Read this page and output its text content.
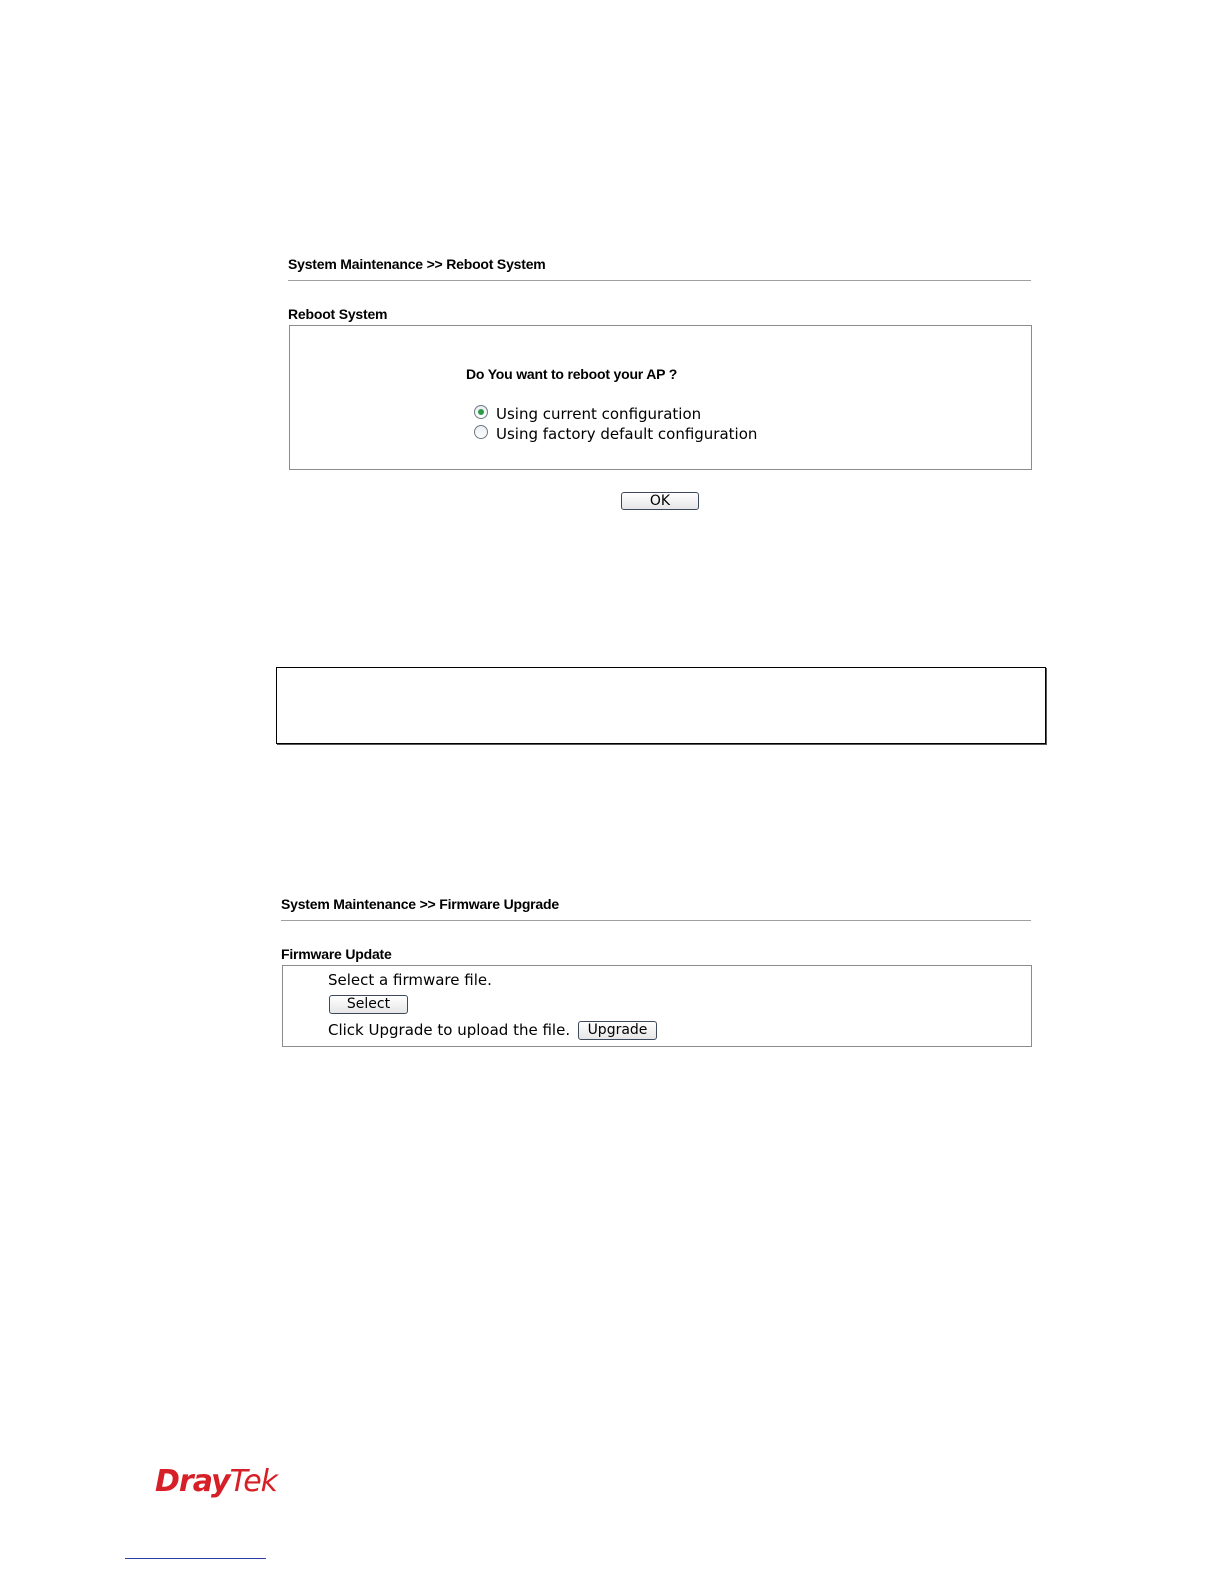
System Maintenance >> Reboot System
Reboot System
Do You want to reboot your AP ?
Using current configuration
Using factory default configuration
OK
System Maintenance >> Firmware Upgrade
Firmware Update
Select a firmware file.
Select
Click Upgrade to upload the file.	Upgrade
DrayTek
